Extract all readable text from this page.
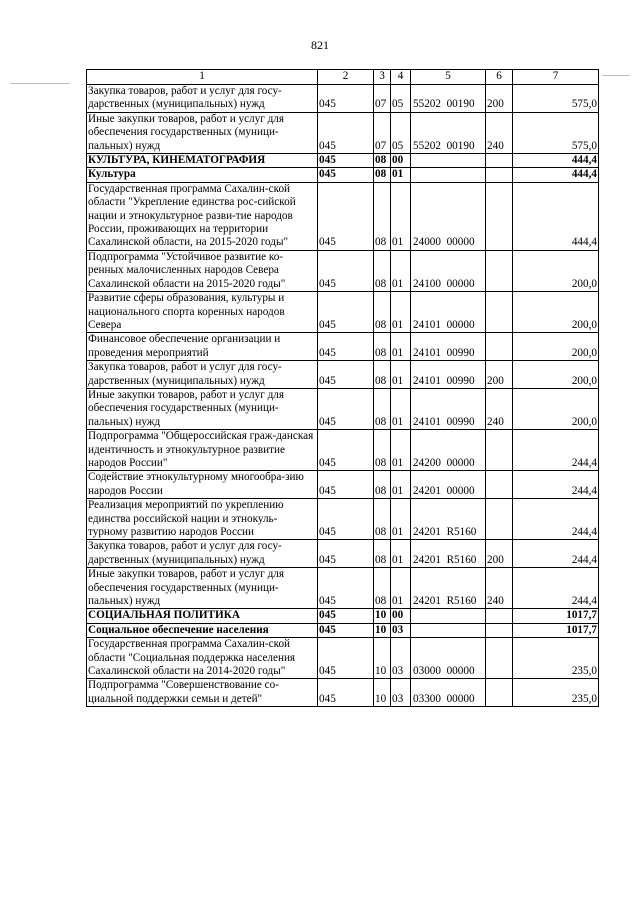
821
1	2	3	4	5	6	7
Закупка товаров, работ и услуг для госу-дарственных (муниципальных) нужд	045	07	05	55202  00190	200	575,0
Иные закупки товаров, работ и услуг для обеспечения государственных (муници-пальных) нужд	045	07	05	55202  00190	240	575,0
КУЛЬТУРА, КИНЕМАТОГРАФИЯ	045	08	00			444,4
Культура	045	08	01			444,4
Государственная программа Сахалин-ской области "Укрепление единства рос-сийской нации и этнокультурное разви-тие народов России, проживающих на территории Сахалинской области, на 2015-2020 годы"	045	08	01	24000  00000		444,4
Подпрограмма "Устойчивое развитие ко-ренных малочисленных народов Севера Сахалинской области на 2015-2020 годы"	045	08	01	24100  00000		200,0
Развитие сферы образования, культуры и национального спорта коренных народов Севера	045	08	01	24101  00000		200,0
Финансовое обеспечение организации и проведения мероприятий	045	08	01	24101  00990		200,0
Закупка товаров, работ и услуг для госу-дарственных (муниципальных) нужд	045	08	01	24101  00990	200	200,0
Иные закупки товаров, работ и услуг для обеспечения государственных (муници-пальных) нужд	045	08	01	24101  00990	240	200,0
Подпрограмма "Общероссийская граж-данская идентичность и этнокультурное развитие народов России"	045	08	01	24200  00000		244,4
Содействие этнокультурному многообра-зию народов России	045	08	01	24201  00000		244,4
Реализация мероприятий по укреплению единства российской нации и этнокуль-турному развитию народов России	045	08	01	24201  R5160		244,4
Закупка товаров, работ и услуг для госу-дарственных (муниципальных) нужд	045	08	01	24201  R5160	200	244,4
Иные закупки товаров, работ и услуг для обеспечения государственных (муници-пальных) нужд	045	08	01	24201  R5160	240	244,4
СОЦИАЛЬНАЯ ПОЛИТИКА	045	10	00			1017,7
Социальное обеспечение населения	045	10	03			1017,7
Государственная программа Сахалин-ской области "Социальная поддержка населения Сахалинской области на 2014-2020 годы"	045	10	03	03000  00000		235,0
Подпрограмма "Совершенствование со-циальной поддержки семьи и детей"	045	10	03	03300  00000		235,0
